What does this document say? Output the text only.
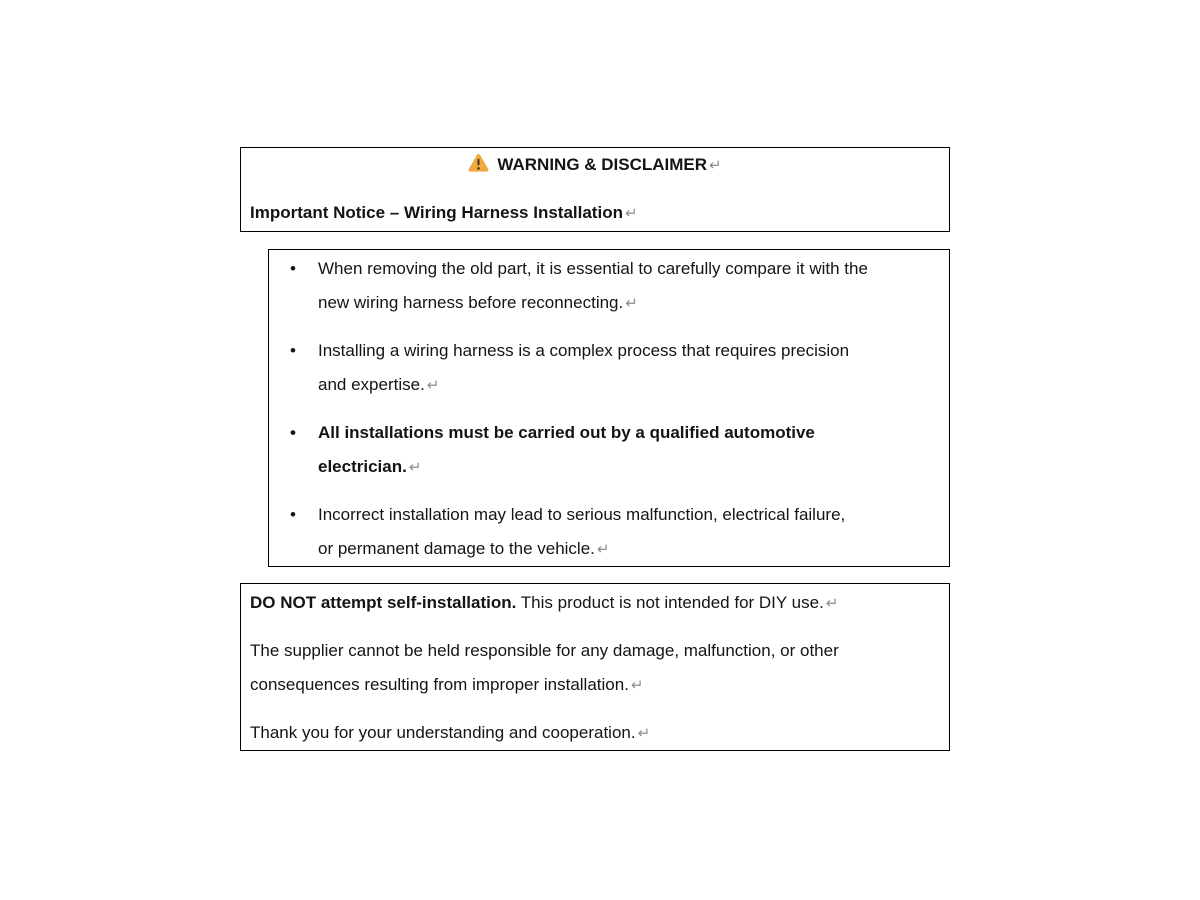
WARNING & DISCLAIMER ↵
Important Notice – Wiring Harness Installation ↵
• When removing the old part, it is essential to carefully compare it with the
new wiring harness before reconnecting. ↵
• Installing a wiring harness is a complex process that requires precision
and expertise. ↵
• All installations must be carried out by a qualified automotive
electrician. ↵
• Incorrect installation may lead to serious malfunction, electrical failure,
or permanent damage to the vehicle. ↵
DO NOT attempt self-installation. This product is not intended for DIY use. ↵
The supplier cannot be held responsible for any damage, malfunction, or other
consequences resulting from improper installation. ↵
Thank you for your understanding and cooperation. ↵
